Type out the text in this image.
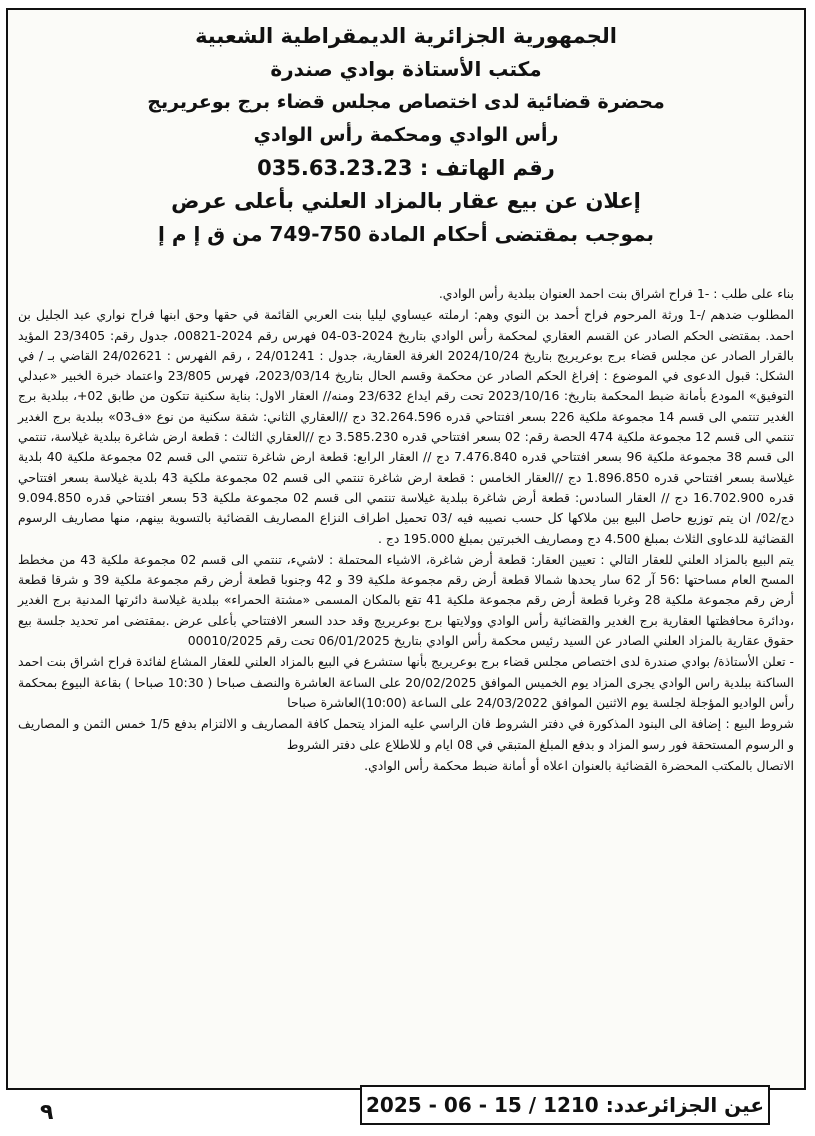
الجمهورية الجزائرية الديمقراطية الشعبية
مكتب الأستاذة بوادي صندرة
محضرة قضائية لدى اختصاص مجلس قضاء برج بوعريريج
رأس الوادي ومحكمة رأس الوادي
رقم الهاتف : 035.63.23.23
إعلان عن بيع عقار بالمزاد العلني بأعلى عرض
بموجب بمقتضى أحكام المادة 750-749 من ق إ م إ

بناء على طلب : -1 فراح اشراق بنت احمد العنوان ببلدية رأس الوادي.

المطلوب ضدهم /-1 ورثة المرحوم فراح أحمد بن النوي وهم: ارملته عيساوي ليليا بنت العربي القائمة في حقها وحق ابنها فراح نواري عبد الجليل بن احمد. بمقتضى الحكم الصادر عن القسم العقاري لمحكمة رأس الوادي بتاريخ 2024-03-04 فهرس رقم 2024-00821، جدول رقم: 23/3405 المؤيد بالقرار الصادر عن مجلس قضاء برج بوعريريج بتاريخ 2024/10/24 الغرفة العقارية، جدول : 24/01241 ، رقم الفهرس : 24/02621 القاضي بـ / في الشكل: قبول الدعوى في الموضوع : إفراغ الحكم الصادر عن محكمة وقسم الحال بتاريخ 2023/03/14، فهرس 23/805 واعتماد خبرة الخبير «عبدلي التوفيق» المودع بأمانة ضبط المحكمة بتاريخ: 2023/10/16 تحت رقم ايداع 23/632 ومنه// العقار الاول: بناية سكنية تتكون من طابق 02+، ببلدية برج الغدير تنتمي الى قسم 14 مجموعة ملكية 226 بسعر افتتاحي قدره 32.264.596 دج //العقاري الثاني: شقة سكنية من نوع «ف03» ببلدية برج الغدير تنتمي الى قسم 12 مجموعة ملكية 474 الحصة رقم: 02 بسعر افتتاحي قدره 3.585.230 دج //العقاري الثالث : قطعة ارض شاغرة ببلدية غيلاسة، تنتمي الى قسم 38 مجموعة ملكية 96 بسعر افتتاحي قدره 7.476.840 دج // العقار الرابع: قطعة ارض شاغرة تنتمي الى قسم 02 مجموعة ملكية 40 بلدية غيلاسة بسعر افتتاحي قدره 1.896.850 دج //العقار الخامس : قطعة ارض شاغرة تنتمي الى قسم 02 مجموعة ملكية 43 بلدية غيلاسة بسعر افتتاحي قدره 16.702.900 دج // العقار السادس: قطعة أرض شاغرة ببلدية غيلاسة تنتمي الى قسم 02 مجموعة ملكية 53 بسعر افتتاحي قدره 9.094.850 دج/02/ ان يتم توزيع حاصل البيع بين ملاكها كل حسب نصيبه فيه /03 تحميل اطراف النزاع المصاريف القضائية بالتسوية بينهم، منها مصاريف الرسوم القضائية للدعاوى الثلاث بمبلغ 4.500 دج ومصاريف الخبرتين بمبلغ 195.000 دج .

يتم البيع بالمزاد العلني للعقار التالي : تعيين العقار: قطعة أرض شاغرة، الاشياء المحتملة : لاشيء، تنتمي الى قسم 02 مجموعة ملكية 43 من مخطط المسح العام مساحتها :56 آر 62 سار يحدها شمالا قطعة أرض رقم مجموعة ملكية 39 و 42 وجنوبا قطعة أرض رقم مجموعة ملكية 39 و شرقا قطعة أرض رقم مجموعة ملكية 28 وغربا قطعة أرض رقم مجموعة ملكية 41 تقع بالمكان المسمى «مشتة الحمراء» ببلدية غيلاسة دائرتها المدنية برج الغدير ،ودائرة محافظتها العقارية برج الغدير والقضائية رأس الوادي وولايتها برج بوعريريج وقد حدد السعر الافتتاحي بأعلى عرض .بمقتضى امر تحديد جلسة بيع حقوق عقارية بالمزاد العلني الصادر عن السيد رئيس محكمة رأس الوادي بتاريخ 06/01/2025 تحت رقم 00010/2025

- تعلن الأستاذة/ بوادي صندرة لدى اختصاص مجلس قضاء برج بوعريريج بأنها ستشرع في البيع بالمزاد العلني للعقار المشاع لفائدة فراح اشراق بنت احمد الساكنة ببلدية راس الوادي يجرى المزاد يوم الخميس الموافق 20/02/2025 على الساعة العاشرة والنصف صباحا ( 10:30 صباحا ) بقاعة البيوع بمحكمة رأس الواديو المؤجلة لجلسة يوم الاثنين الموافق 24/03/2022 على الساعة (10:00)العاشرة صباحا

شروط البيع : إضافة الى البنود المذكورة في دفتر الشروط فان الراسي عليه المزاد يتحمل كافة المصاريف و الالتزام بدفع 1/5 خمس الثمن و المصاريف و الرسوم المستحقة فور رسو المزاد و بدفع المبلغ المتبقي في 08 ايام و للاطلاع على دفتر الشروط

الاتصال بالمكتب المحضرة القضائية بالعنوان اعلاه أو أمانة ضبط محكمة رأس الوادي.

عين الجزائرعدد: 1210 / 15 - 06 - 2025
٩
